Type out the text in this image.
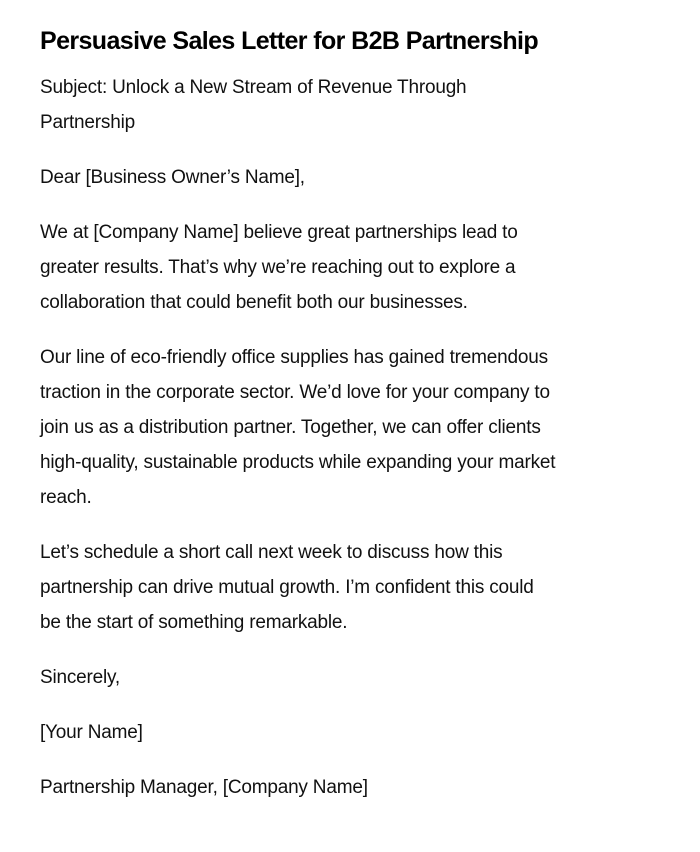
Persuasive Sales Letter for B2B Partnership

Subject: Unlock a New Stream of Revenue Through
Partnership

Dear [Business Owner’s Name],

We at [Company Name] believe great partnerships lead to
greater results. That’s why we’re reaching out to explore a
collaboration that could benefit both our businesses.

Our line of eco-friendly office supplies has gained tremendous
traction in the corporate sector. We’d love for your company to
join us as a distribution partner. Together, we can offer clients
high-quality, sustainable products while expanding your market
reach.

Let’s schedule a short call next week to discuss how this
partnership can drive mutual growth. I’m confident this could
be the start of something remarkable.

Sincerely,

[Your Name]

Partnership Manager, [Company Name]
